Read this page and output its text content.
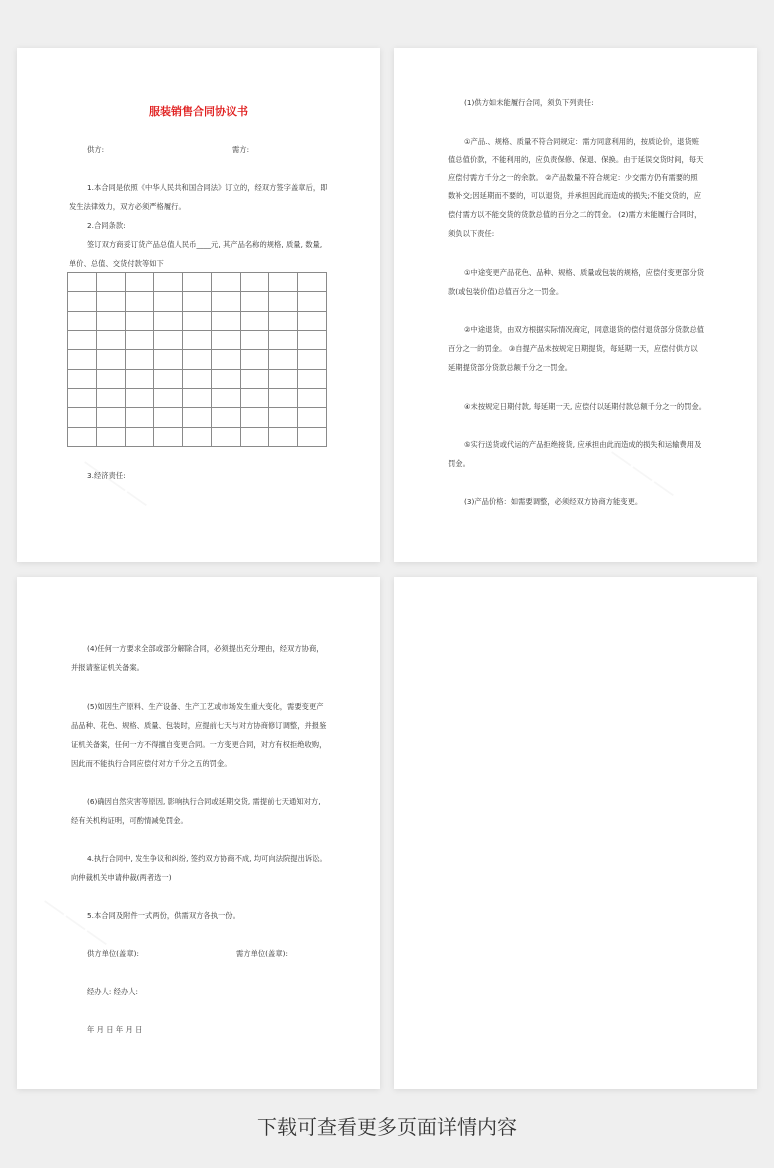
服装销售合同协议书
供方:	需方:
1.本合同是依照《中华人民共和国合同法》订立的，经双方签字盖章后，即
发生法律效力，双方必须严格履行。
2.合同条款:
签订双方商妥订货产品总值人民币____元, 其产品名称的规格, 质量, 数量,
单价、总值、交货付款等如下

3.经济责任:
(1)供方如未能履行合同，须负下列责任:
①产品.、规格、质量不符合同规定：需方同意利用的，按质论价，退货赃
值总值价款，不能利用的，应负责保修、保退、保换。由于延误交货时间，每天
应偿付需方千分之一的余款。 ②产品数量不符合规定：少交需方仍有需要的照
数补交;因延期而不要的，可以退货，并承担因此而造成的损失;不能交货的，应
偿付需方以不能交货的货款总值的百分之二的罚金。 (2)需方未能履行合同时，
须负以下责任:
①中途变更产品花色、品种、规格、质量或包装的规格，应偿付变更部分货
款(或包装价值)总值百分之一罚金。
②中途退货，由双方根据实际情况商定，同意退货的偿付退货部分货款总值
百分之一的罚金。 ③自提产品未按规定日期提货，每延期一天，应偿付供方以
延期提货部分货款总额千分之一罚金。
④未按规定日期付款, 每延期一天, 应偿付以延期付款总额千分之一的罚金。
⑤实行送货或代运的产品拒绝接货, 应承担由此而造成的损失和运输费用及
罚金。
(3)产品价格：如需要调整，必须经双方协商方能变更。
(4)任何一方要求全部或部分解除合同，必须提出充分理由，经双方协商，
并报请鉴证机关备案。
(5)如因生产原料、生产设备、生产工艺或市场发生重大变化，需要变更产
品品种、花色、规格、质量、包装时，应提前七天与对方协商修订调整，并报鉴
证机关备案，任何一方不得擅自变更合同。一方变更合同，对方有权拒绝收购，
因此而不能执行合同应偿付对方千分之五的罚金。
(6)确因自然灾害等原因, 影响执行合同或延期交货, 需提前七天通知对方,
经有关机构证明，可酌情减免罚金。
4.执行合同中, 发生争议和纠纷, 签约双方协商不成, 均可向法院提出诉讼。
向仲裁机关申请仲裁(两者选一)
5.本合同及附件一式两份，供需双方各执一份。
供方单位(盖章):	需方单位(盖章):
经办人: 经办人:
年 月 日 年 月 日
下载可查看更多页面详情内容
